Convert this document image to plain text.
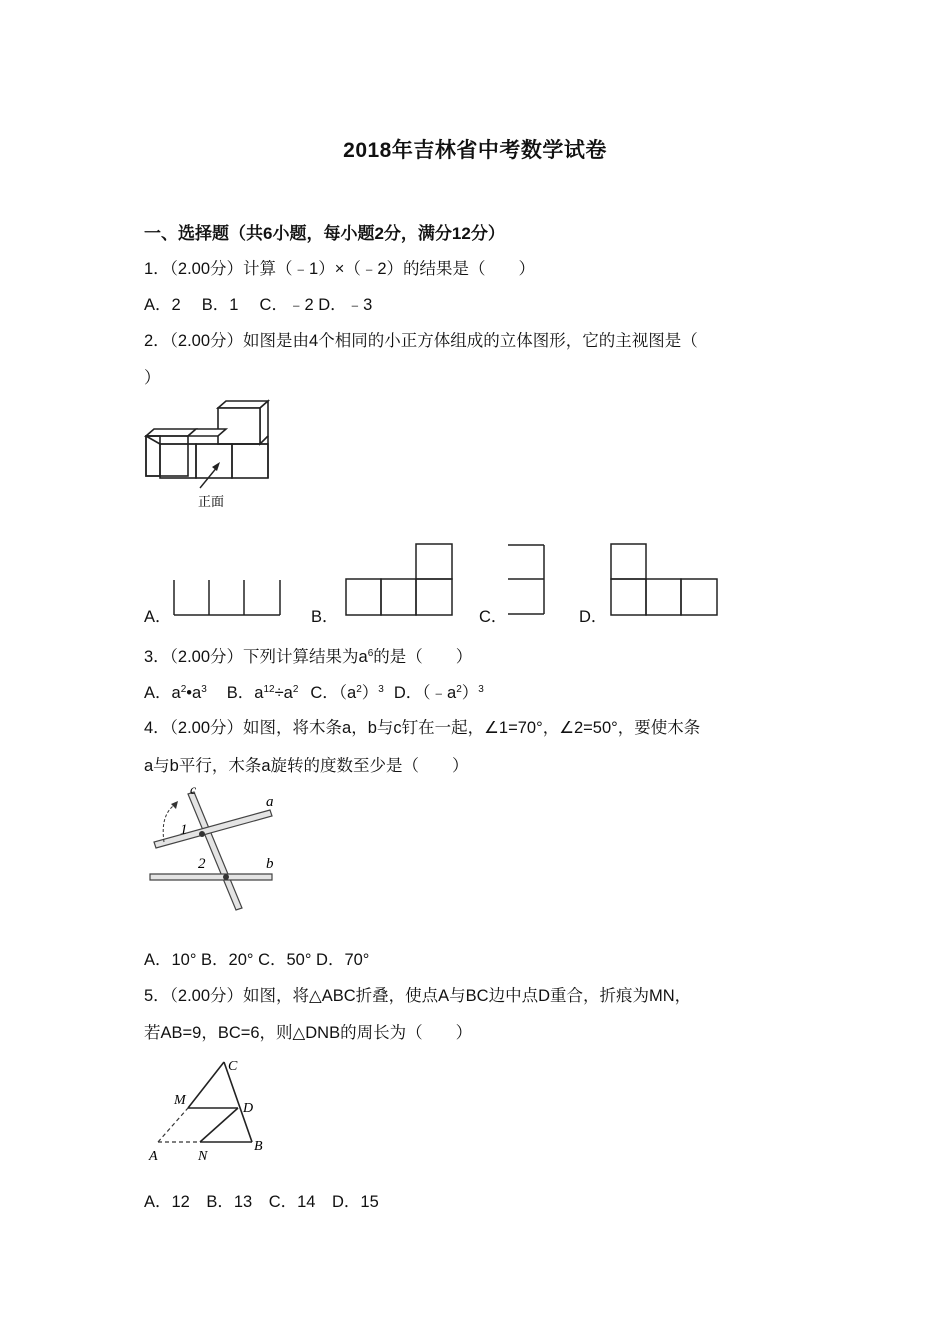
2018年吉林省中考数学试卷
一、选择题（共6小题，每小题2分，满分12分）
1．（2.00分）计算（﹣1）×（﹣2）的结果是（　　）
A．2　 B．1　 C．﹣2 D．﹣3
2．（2.00分）如图是由4个相同的小正方体组成的立体图形，它的主视图是（
）
正面
A．	B．	C．	D．
3．（2.00分）下列计算结果为$a^6$的是（　　）
A．$a^2•a^3$ B．$a^{12}\div a^2$ C．$(a^2)^3$ D．$(﹣a^2)^3$
4．（2.00分）如图，将木条a，b与c钉在一起，∠1=70°，∠2=50°，要使木条
a与b平行，木条a旋转的度数至少是（　　）
c
a
b
1
2
A．10° B．20° C．50° D．70°
5．（2.00分）如图，将△ABC折叠，使点A与BC边中点D重合，折痕为MN，
若AB=9，BC=6，则△DNB的周长为（　　）
C
M
D
A	N
B
A．12　B．13　C．14　D．15
